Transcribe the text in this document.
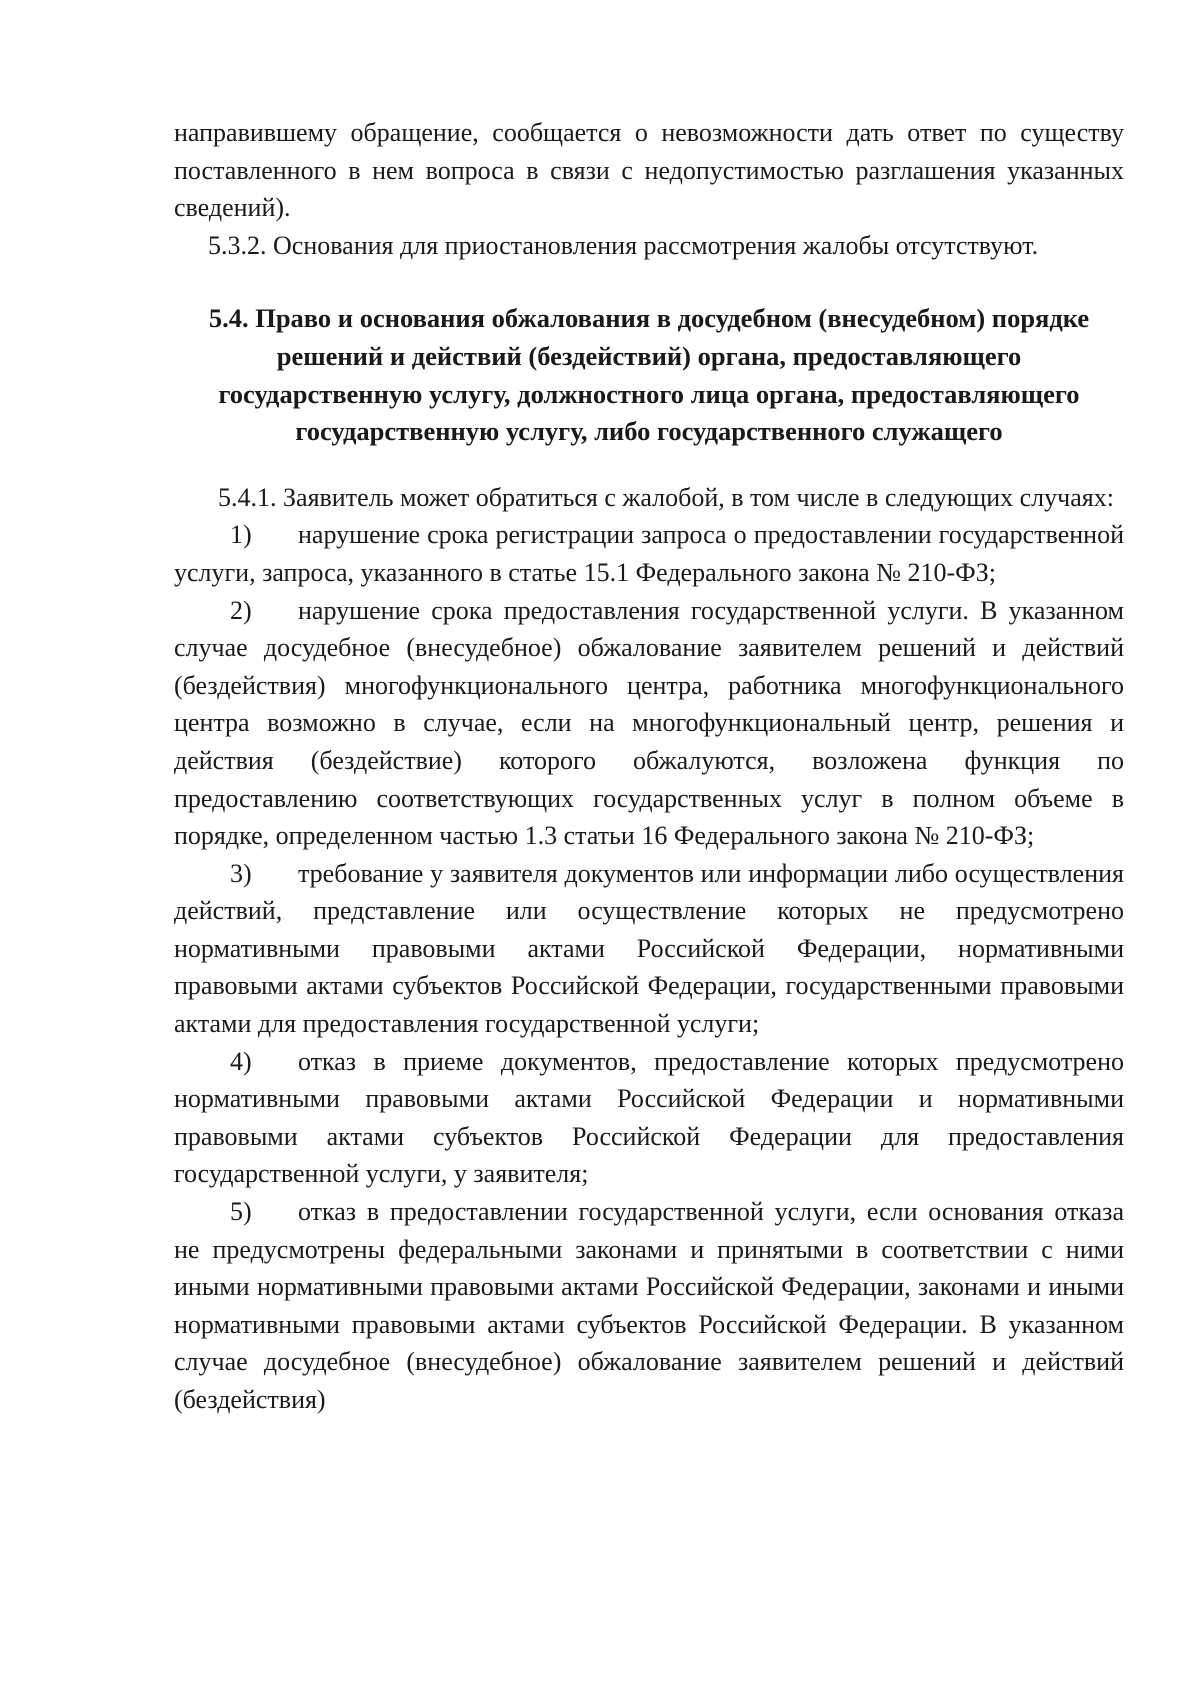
направившему обращение, сообщается о невозможности дать ответ по существу поставленного в нем вопроса в связи с недопустимостью разглашения указанных сведений).

5.3.2. Основания для приостановления рассмотрения жалобы отсутствуют.

5.4. Право и основания обжалования в досудебном (внесудебном) порядке решений и действий (бездействий) органа, предоставляющего государственную услугу, должностного лица органа, предоставляющего государственную услугу, либо государственного служащего

5.4.1. Заявитель может обратиться с жалобой, в том числе в следующих случаях:

1) нарушение срока регистрации запроса о предоставлении государственной услуги, запроса, указанного в статье 15.1 Федерального закона № 210-ФЗ;

2) нарушение срока предоставления государственной услуги. В указанном случае досудебное (внесудебное) обжалование заявителем решений и действий (бездействия) многофункционального центра, работника многофункционального центра возможно в случае, если на многофункциональный центр, решения и действия (бездействие) которого обжалуются, возложена функция по предоставлению соответствующих государственных услуг в полном объеме в порядке, определенном частью 1.3 статьи 16 Федерального закона № 210-ФЗ;

3) требование у заявителя документов или информации либо осуществления действий, представление или осуществление которых не предусмотрено нормативными правовыми актами Российской Федерации, нормативными правовыми актами субъектов Российской Федерации, государственными правовыми актами для предоставления государственной услуги;

4) отказ в приеме документов, предоставление которых предусмотрено нормативными правовыми актами Российской Федерации и нормативными правовыми актами субъектов Российской Федерации для предоставления государственной услуги, у заявителя;

5) отказ в предоставлении государственной услуги, если основания отказа не предусмотрены федеральными законами и принятыми в соответствии с ними иными нормативными правовыми актами Российской Федерации, законами и иными нормативными правовыми актами субъектов Российской Федерации. В указанном случае досудебное (внесудебное) обжалование заявителем решений и действий (бездействия)
